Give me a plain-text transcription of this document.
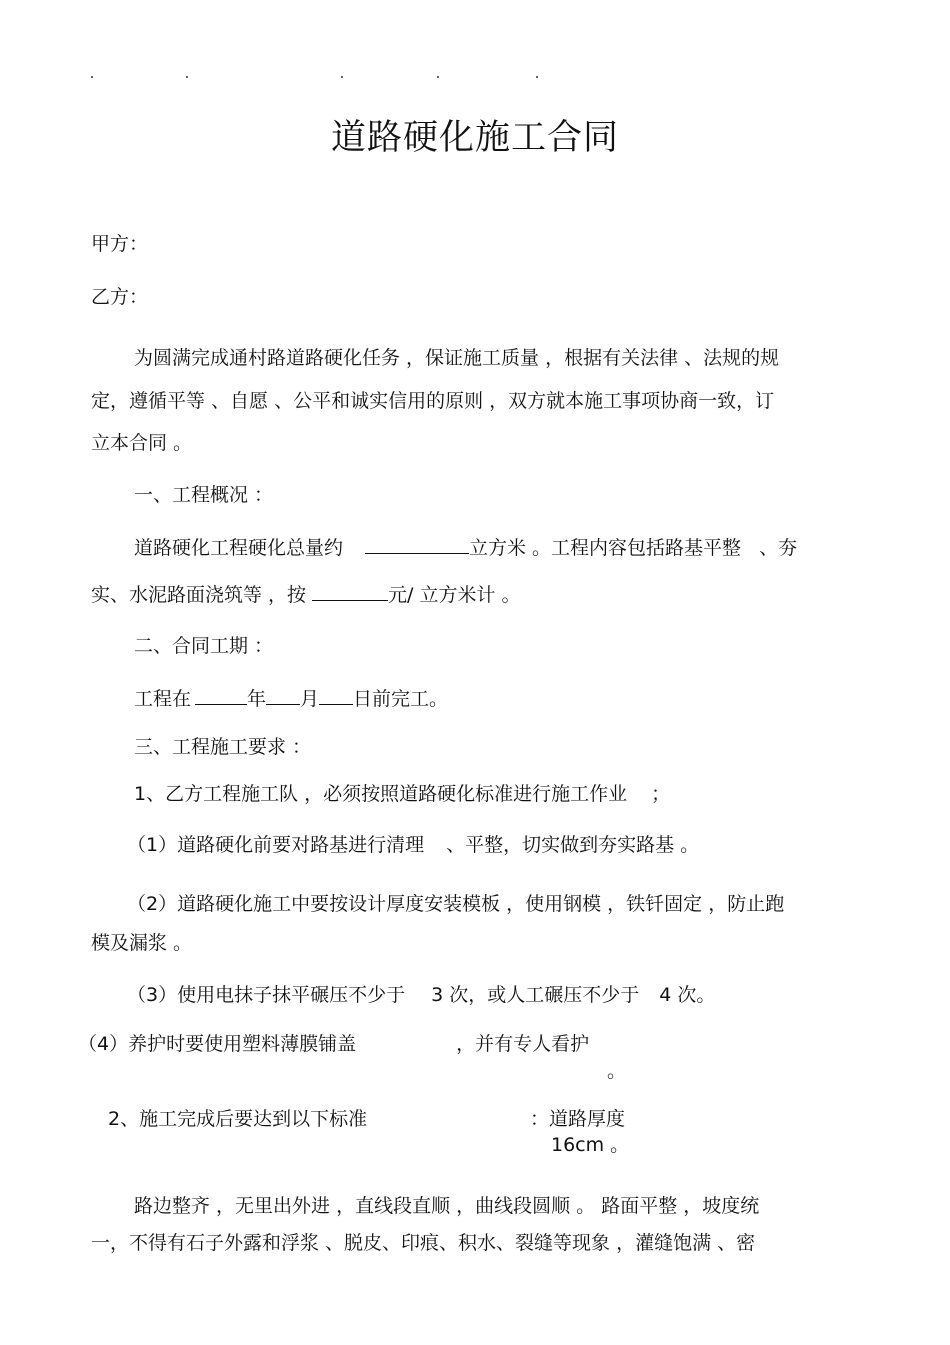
道路硬化施工合同
甲方：
乙方：
为圆满完成通村路道路硬化任务 ，保证施工质量 ，根据有关法律 、法规的规
定，遵循平等 、自愿 、公平和诚实信用的原则 ，双方就本施工事项协商一致，订
立本合同 。
一、工程概况 ：
道路硬化工程硬化总量约	立方米 。工程内容包括路基平整 、夯
实、水泥路面浇筑等 ，按	元/ 立方米计 。
二、合同工期 ：
工程在	年 月 日前完工。
三、工程施工要求 ：
1、乙方工程施工队 ，必须按照道路硬化标准进行施工作业 ；
（1）道路硬化前要对路基进行清理 、平整，切实做到夯实路基 。
（2）道路硬化施工中要按设计厚度安装模板 ，使用钢模 ，铁钎固定 ，防止跑
模及漏浆 。
（3）使用电抹子抹平碾压不少于 3 次，或人工碾压不少于 4 次。
（4）养护时要使用塑料薄膜铺盖	，并有专人看护
。
2、施工完成后要达到以下标准	：道路厚度
16cm 。
路边整齐 ，无里出外进 ，直线段直顺 ，曲线段圆顺 。 路面平整 ，坡度统
一，不得有石子外露和浮浆 、脱皮、印痕、积水、裂缝等现象 ，灌缝饱满 、密
